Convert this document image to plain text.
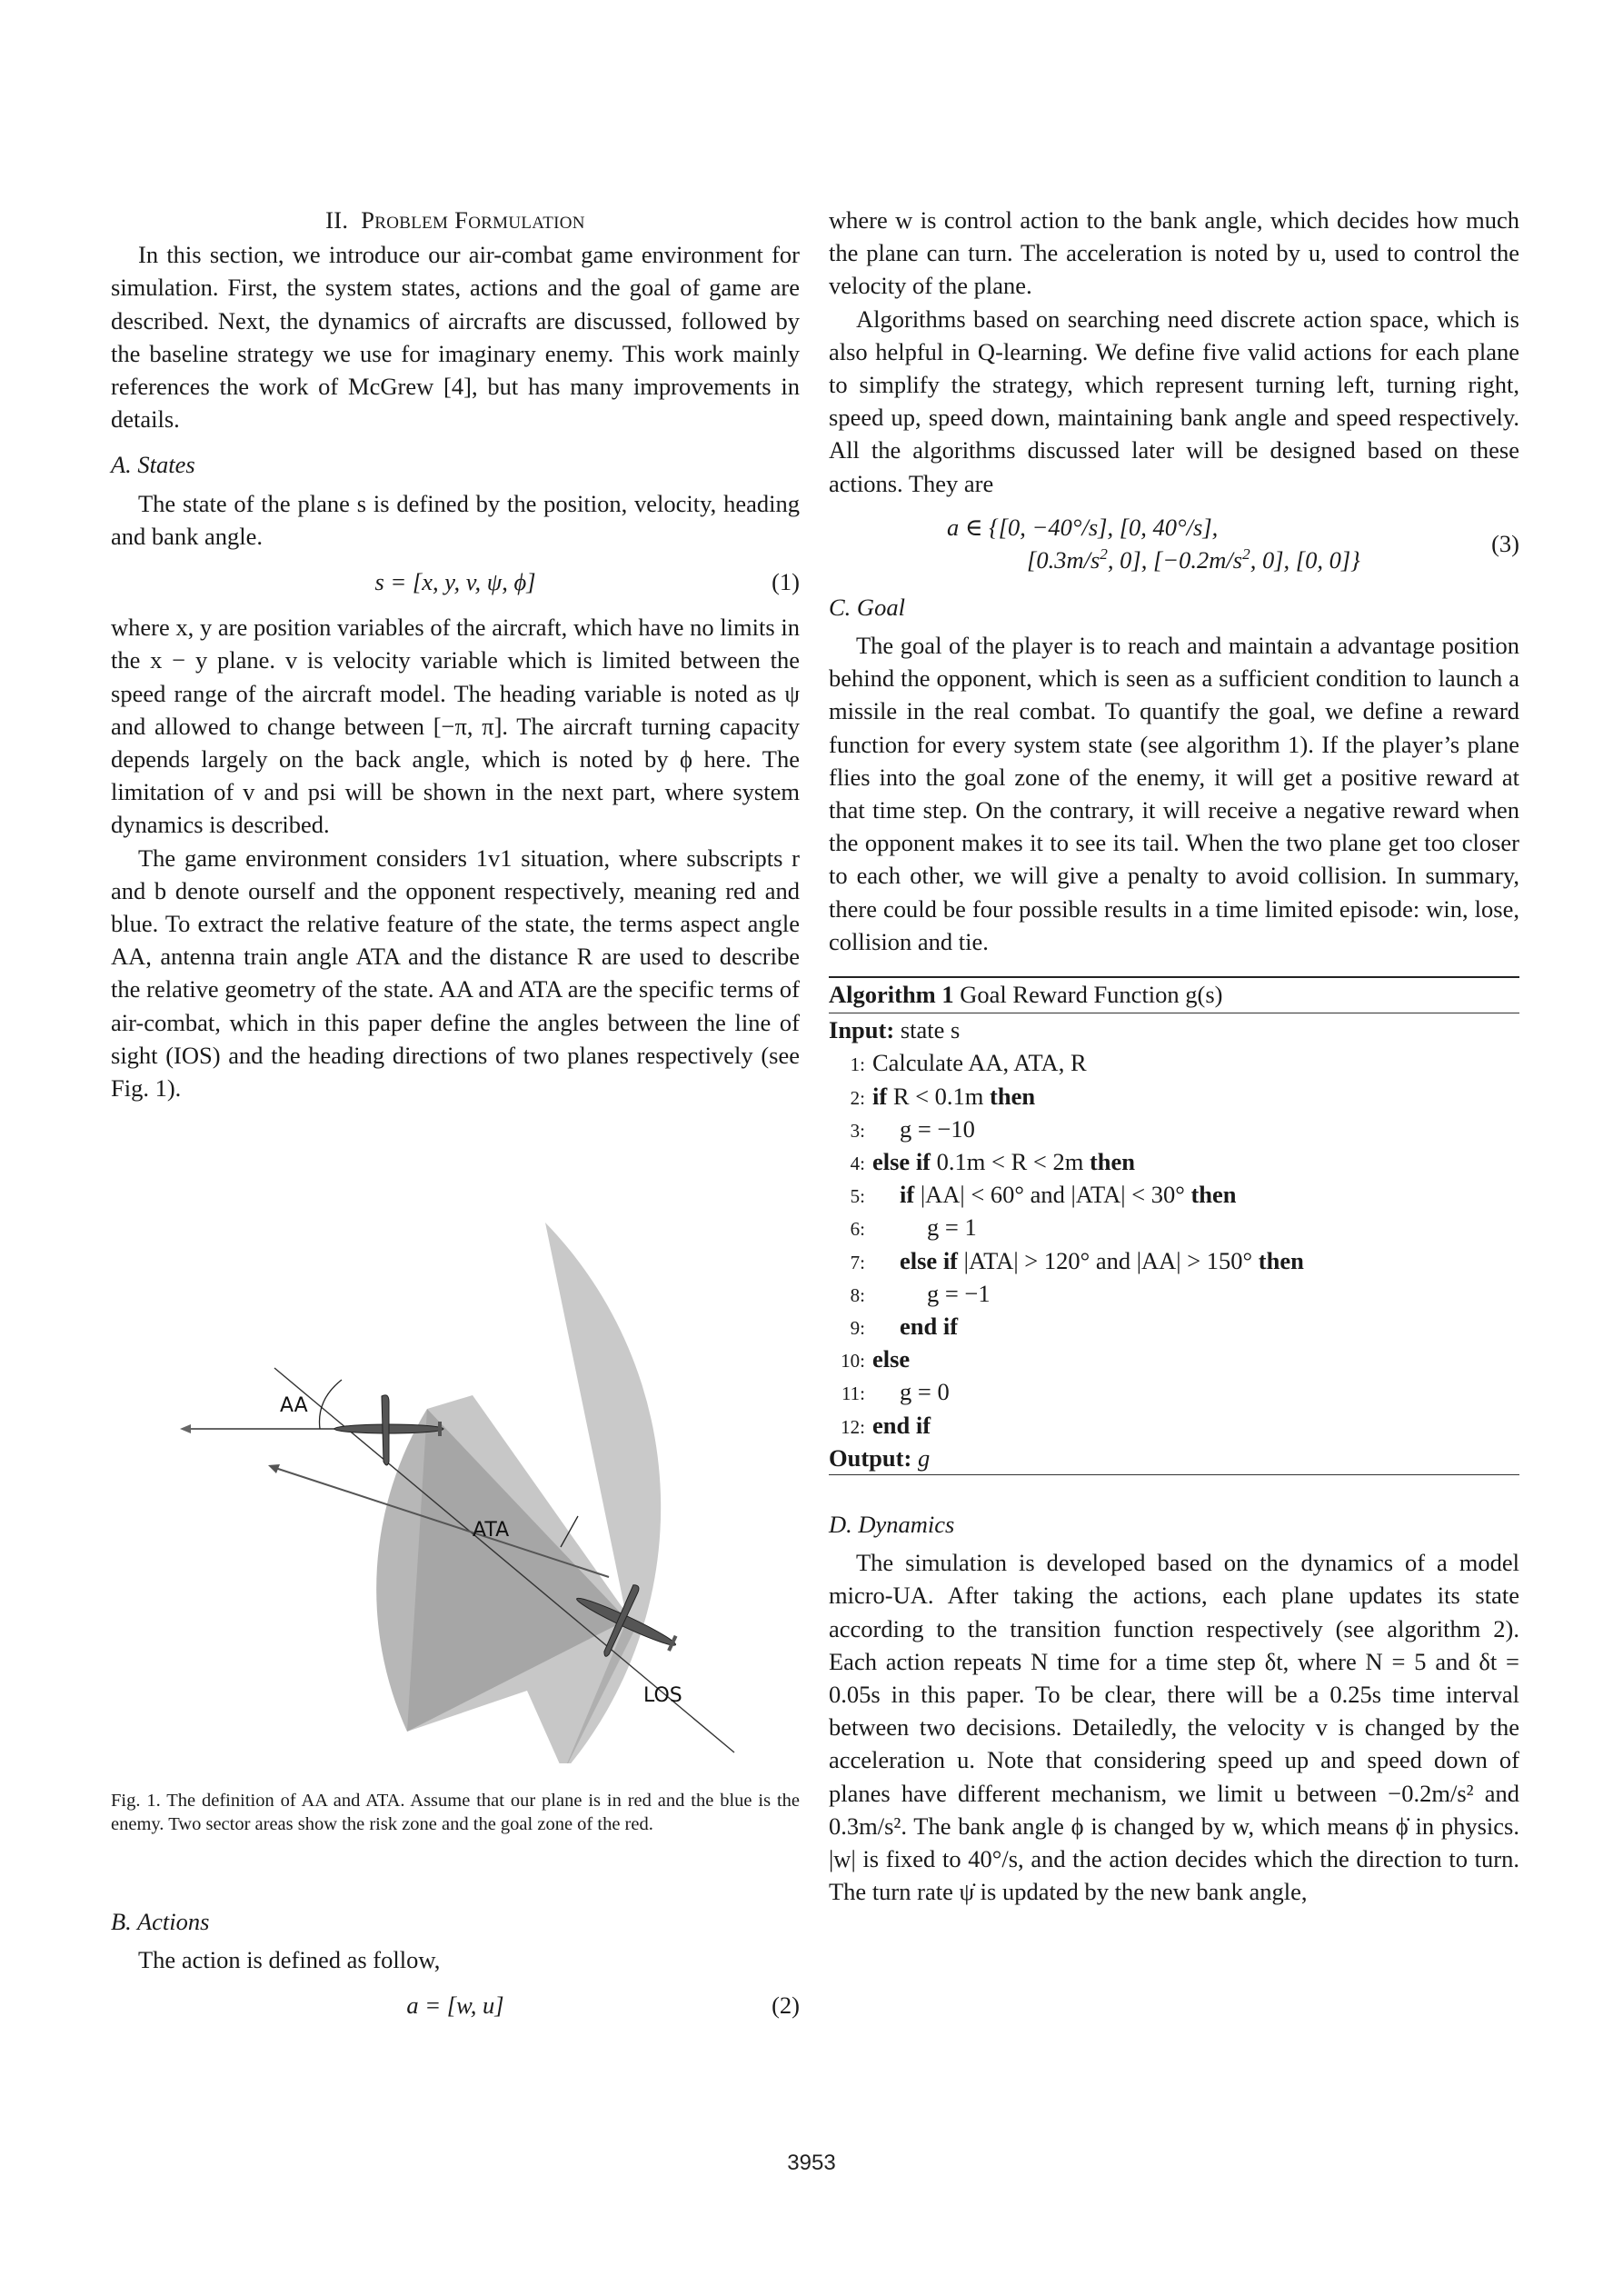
II. Problem Formulation

In this section, we introduce our air-combat game environment for simulation. First, the system states, actions and the goal of game are described. Next, the dynamics of aircrafts are discussed, followed by the baseline strategy we use for imaginary enemy. This work mainly references the work of McGrew [4], but has many improvements in details.

A. States

The state of the plane s is defined by the position, velocity, heading and bank angle.

s = [x, y, v, ψ, ϕ]	(1)

where x, y are position variables of the aircraft, which have no limits in the x − y plane. v is velocity variable which is limited between the speed range of the aircraft model. The heading variable is noted as ψ and allowed to change between [−π, π]. The aircraft turning capacity depends largely on the back angle, which is noted by ϕ here. The limitation of v and psi will be shown in the next part, where system dynamics is described.

The game environment considers 1v1 situation, where subscripts r and b denote ourself and the opponent respectively, meaning red and blue. To extract the relative feature of the state, the terms aspect angle AA, antenna train angle ATA and the distance R are used to describe the relative geometry of the state. AA and ATA are the specific terms of air-combat, which in this paper define the angles between the line of sight (IOS) and the heading directions of two planes respectively (see Fig. 1).

AA
ATA
LOS
Fig. 1. The definition of AA and ATA. Assume that our plane is in red and the blue is the enemy. Two sector areas show the risk zone and the goal zone of the red.
B. Actions

The action is defined as follow,

a = [w, u]	(2)

where w is control action to the bank angle, which decides how much the plane can turn. The acceleration is noted by u, used to control the velocity of the plane.

Algorithms based on searching need discrete action space, which is also helpful in Q-learning. We define five valid actions for each plane to simplify the strategy, which represent turning left, turning right, speed up, speed down, maintaining bank angle and speed respectively. All the algorithms discussed later will be designed based on these actions. They are

a ∈ {[0, −40°/s], [0, 40°/s],
[$0.3m/s^2$, 0], [$-0.2m/s^2$, 0], [0, 0]}
(3)
C. Goal

The goal of the player is to reach and maintain a advantage position behind the opponent, which is seen as a sufficient condition to launch a missile in the real combat. To quantify the goal, we define a reward function for every system state (see algorithm 1). If the player’s plane flies into the goal zone of the enemy, it will get a positive reward at that time step. On the contrary, it will receive a negative reward when the opponent makes it to see its tail. When the two plane get too closer to each other, we will give a penalty to avoid collision. In summary, there could be four possible results in a time limited episode: win, lose, collision and tie.

Algorithm 1 Goal Reward Function g(s)
Input: state s
1: Calculate AA, ATA, R
2: if R < 0.1m then
3: g = −10
4: else if 0.1m < R < 2m then
5: if |AA| < 60° and |ATA| < 30° then
6:	g = 1
7: else if |ATA| > 120° and |AA| > 150° then
8:	g = −1
9: end if
10: else
11: g = 0
12: end if
Output: g
D. Dynamics

The simulation is developed based on the dynamics of a model micro-UA. After taking the actions, each plane updates its state according to the transition function respectively (see algorithm 2). Each action repeats N time for a time step δt, where N = 5 and δt = 0.05s in this paper. To be clear, there will be a 0.25s time interval between two decisions. Detailedly, the velocity v is changed by the acceleration u. Note that considering speed up and speed down of planes have different mechanism, we limit u between −0.2m/s² and 0.3m/s². The bank angle ϕ is changed by w, which means ϕ̇ in physics. |w| is fixed to 40°/s, and the action decides which the direction to turn. The turn rate ψ̇ is updated by the new bank angle,

3953
